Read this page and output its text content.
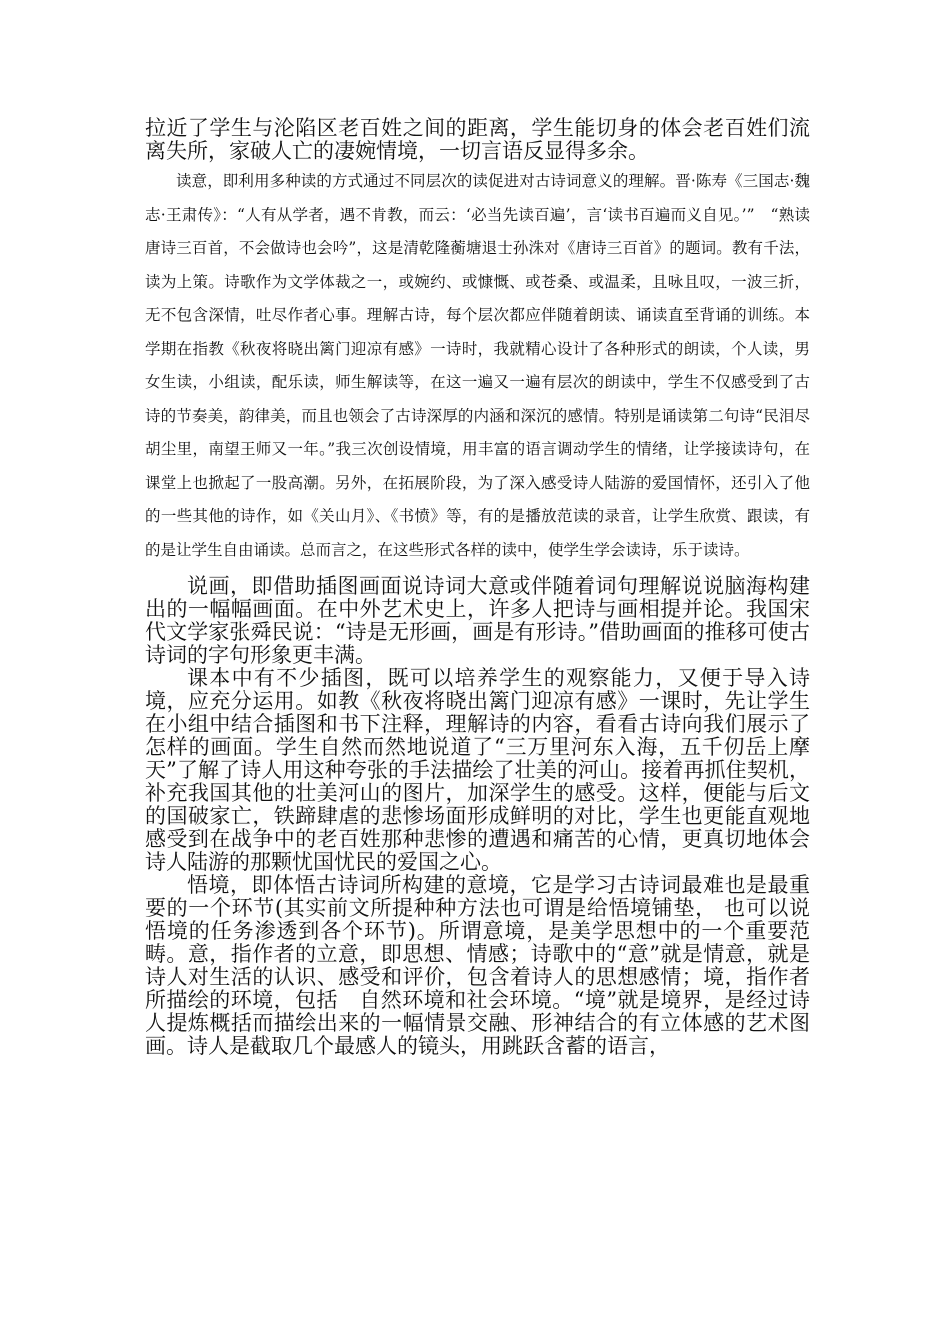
拉近了学生与沦陷区老百姓之间的距离，学生能切身的体会老百姓们流离失所，家破人亡的凄婉情境，一切言语反显得多余。

读意，即利用多种读的方式通过不同层次的读促进对古诗词意义的理解。晋·陈寿《三国志·魏志·王肃传》：“人有从学者，遇不肯教，而云：‘必当先读百遍’，言‘读书百遍而义自见。’”　“熟读唐诗三百首，不会做诗也会吟”，这是清乾隆蘅塘退士孙洙对《唐诗三百首》的题词。教有千法，读为上策。诗歌作为文学体裁之一，或婉约、或慷慨、或苍桑、或温柔，且咏且叹，一波三折，无不包含深情，吐尽作者心事。理解古诗，每个层次都应伴随着朗读、诵读直至背诵的训练。本学期在指教《秋夜将晓出篱门迎凉有感》一诗时，我就精心设计了各种形式的朗读，个人读，男女生读，小组读，配乐读，师生解读等，在这一遍又一遍有层次的朗读中，学生不仅感受到了古诗的节奏美，韵律美，而且也领会了古诗深厚的内涵和深沉的感情。特别是诵读第二句诗“民泪尽胡尘里，南望王师又一年。”我三次创设情境，用丰富的语言调动学生的情绪，让学接读诗句，在课堂上也掀起了一股高潮。另外，在拓展阶段，为了深入感受诗人陆游的爱国情怀，还引入了他的一些其他的诗作，如《关山月》、《书愤》等，有的是播放范读的录音，让学生欣赏、跟读，有的是让学生自由诵读。总而言之，在这些形式各样的读中，使学生学会读诗，乐于读诗。

说画，即借助插图画面说诗词大意或伴随着词句理解说说脑海构建出的一幅幅画面。在中外艺术史上，许多人把诗与画相提并论。我国宋代文学家张舜民说：“诗是无形画，画是有形诗。”借助画面的推移可使古诗词的字句形象更丰满。

课本中有不少插图，既可以培养学生的观察能力，又便于导入诗境，应充分运用。如教《秋夜将晓出篱门迎凉有感》一课时，先让学生在小组中结合插图和书下注释，理解诗的内容，看看古诗向我们展示了怎样的画面。学生自然而然地说道了“三万里河东入海，五千仞岳上摩天”了解了诗人用这种夸张的手法描绘了壮美的河山。接着再抓住契机，补充我国其他的壮美河山的图片，加深学生的感受。这样，便能与后文的国破家亡，铁蹄肆虐的悲惨场面形成鲜明的对比，学生也更能直观地感受到在战争中的老百姓那种悲惨的遭遇和痛苦的心情，更真切地体会诗人陆游的那颗忧国忧民的爱国之心。

悟境，即体悟古诗词所构建的意境，它是学习古诗词最难也是最重要的一个环节(其实前文所提种种方法也可谓是给悟境铺垫， 也可以说悟境的任务渗透到各个环节)。所谓意境，是美学思想中的一个重要范畴。意，指作者的立意，即思想、情感；诗歌中的“意”就是情意，就是诗人对生活的认识、感受和评价，包含着诗人的思想感情；境，指作者所描绘的环境，包括　自然环境和社会环境。“境”就是境界，是经过诗人提炼概括而描绘出来的一幅情景交融、形神结合的有立体感的艺术图画。诗人是截取几个最感人的镜头，用跳跃含蓄的语言，
